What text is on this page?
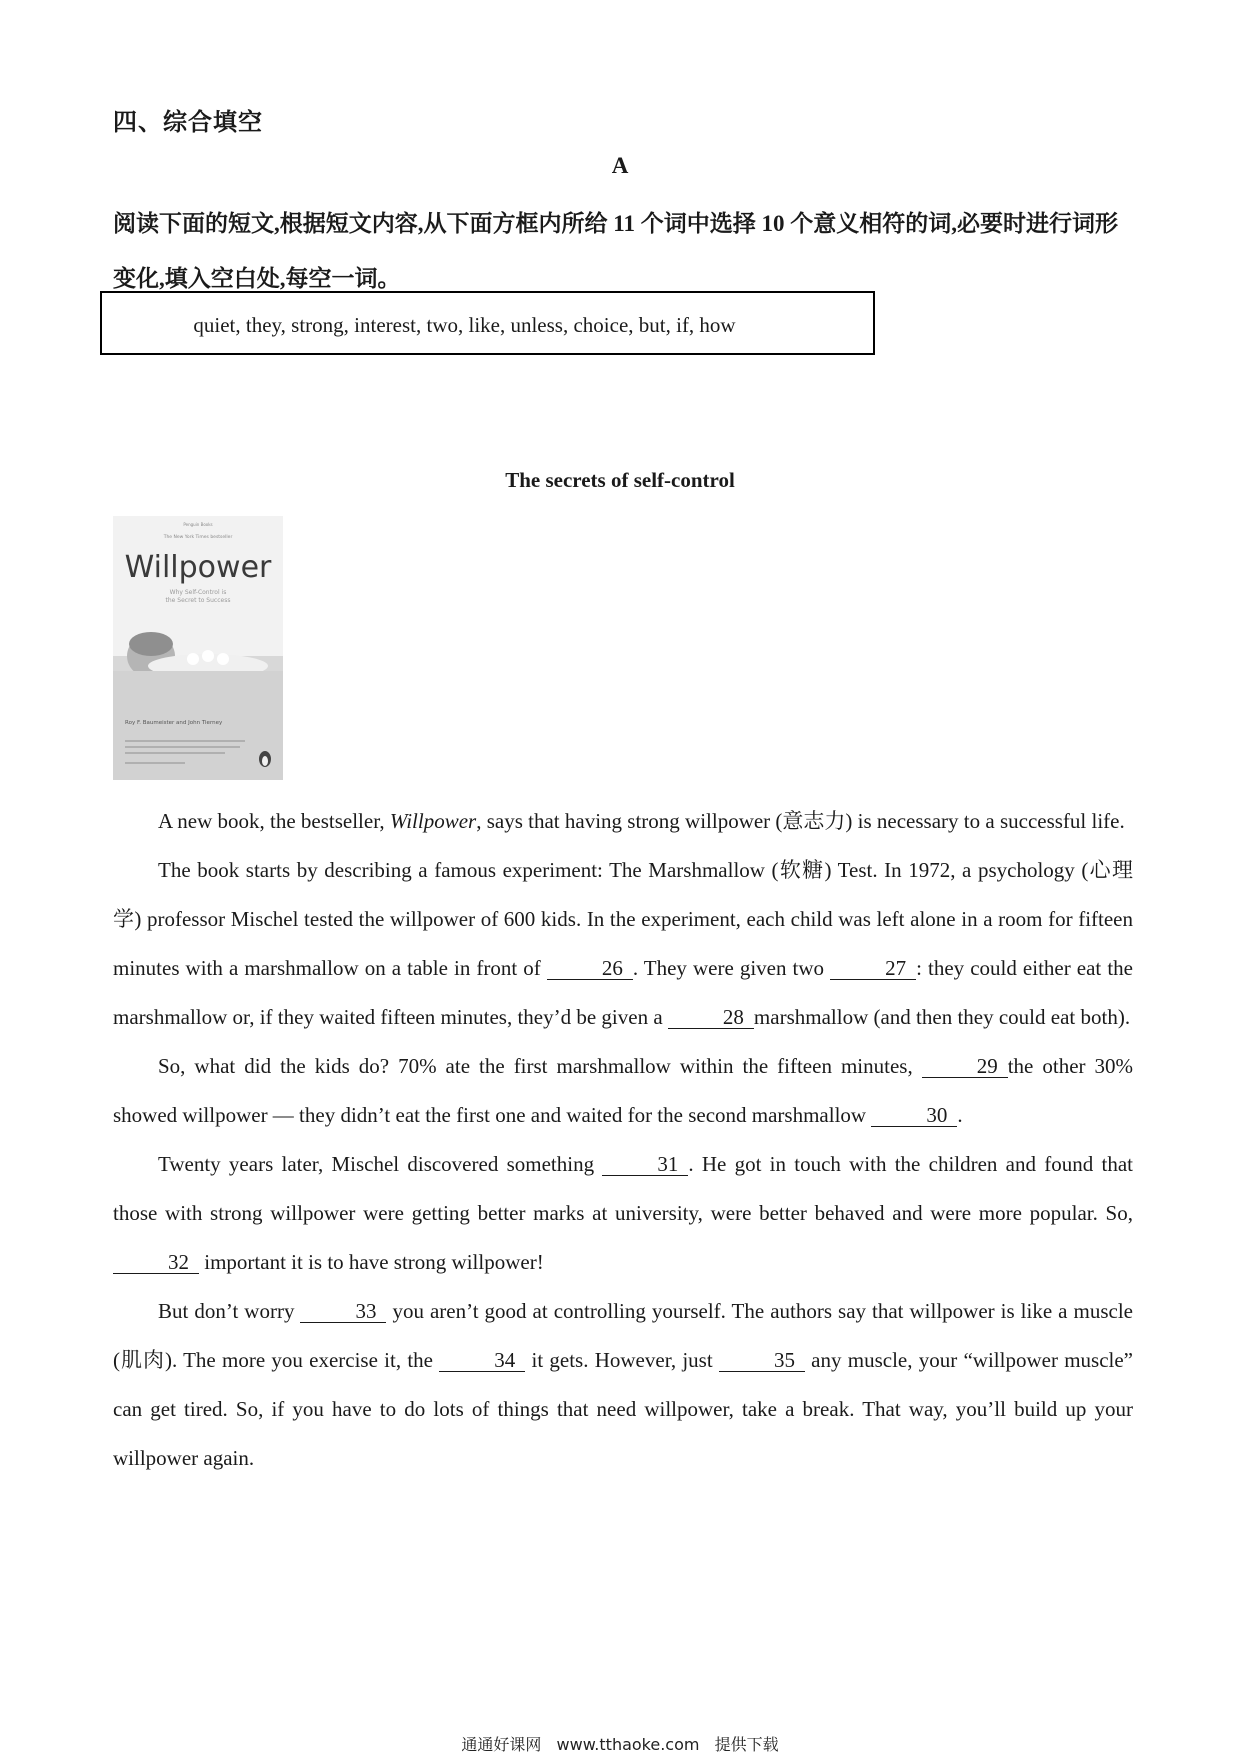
四、综合填空
A
阅读下面的短文,根据短文内容,从下面方框内所给 11 个词中选择 10 个意义相符的词,必要时进行词形变化,填入空白处,每空一词。
quiet, they, strong, interest, two, like, unless, choice, but, if, how
The secrets of self-control
Penguin Books
The New York Times bestseller
Willpower
Why Self-Control is
the Secret to Success
Roy F. Baumeister and John Tierney

A new book, the bestseller, Willpower, says that having strong willpower (意志力) is necessary to a successful life.

The book starts by describing a famous experiment: The Marshmallow (软糖) Test. In 1972, a psychology (心理学) professor Mischel tested the willpower of 600 kids. In the experiment, each child was left alone in a room for fifteen minutes with a marshmallow on a table in front of	26 . They were given two	27 : they could either eat the marshmallow or, if they waited fifteen minutes, they’d be given a	28 marshmallow (and then they could eat both).

So, what did the kids do? 70% ate the first marshmallow within the fifteen minutes,	29 the other 30% showed willpower — they didn’t eat the first one and waited for the second marshmallow	30 .

Twenty years later, Mischel discovered something	31 . He got in touch with the children and found that those with strong willpower were getting better marks at university, were better behaved and were more popular. So, 32 important it is to have strong willpower!

But don’t worry	33 you aren’t good at controlling yourself. The authors say that willpower is like a muscle (肌肉). The more you exercise it, the	34 it gets. However, just	35 any muscle, your “willpower muscle” can get tired. So, if you have to do lots of things that need willpower, take a break. That way, you’ll build up your willpower again.

通通好课网 www.tthaoke.com 提供下载
